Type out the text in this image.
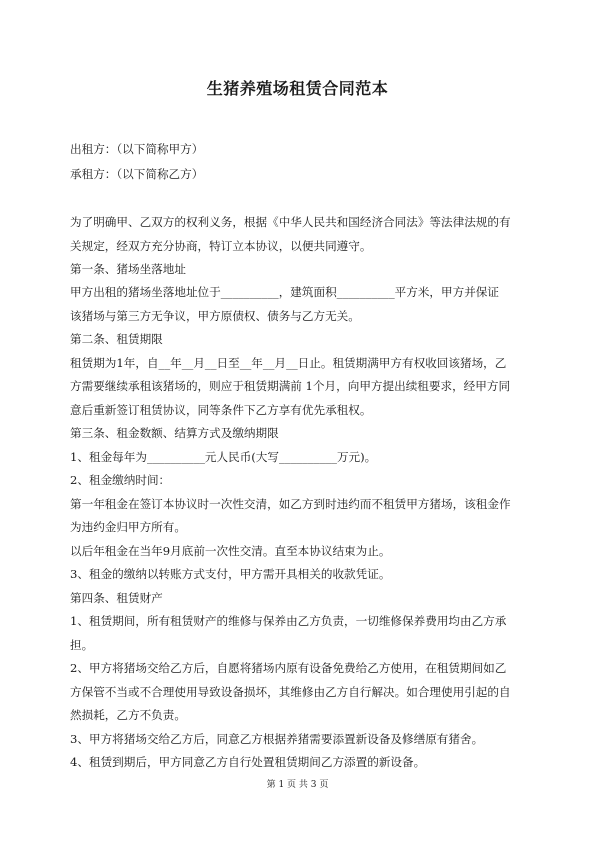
生猪养殖场租赁合同范本
出租方：（以下简称甲方）
承租方：（以下简称乙方）
为了明确甲、乙双方的权利义务，根据《中华人民共和国经济合同法》等法律法规的有
关规定，经双方充分协商，特订立本协议，以便共同遵守。
第一条、猪场坐落地址
甲方出租的猪场坐落地址位于__________，建筑面积__________平方米，甲方并保证
该猪场与第三方无争议，甲方原债权、债务与乙方无关。
第二条、租赁期限
租赁期为1年，自__年__月__日至__年__月__日止。租赁期满甲方有权收回该猪场，乙
方需要继续承租该猪场的，则应于租赁期满前 1个月，向甲方提出续租要求，经甲方同
意后重新签订租赁协议，同等条件下乙方享有优先承租权。
第三条、租金数额、结算方式及缴纳期限
1、租金每年为__________元人民币(大写__________万元)。
2、租金缴纳时间：
第一年租金在签订本协议时一次性交清，如乙方到时违约而不租赁甲方猪场，该租金作
为违约金归甲方所有。
以后年租金在当年9月底前一次性交清。直至本协议结束为止。
3、租金的缴纳以转账方式支付，甲方需开具相关的收款凭证。
第四条、租赁财产
1、租赁期间，所有租赁财产的维修与保养由乙方负责，一切维修保养费用均由乙方承
担。
2、甲方将猪场交给乙方后，自愿将猪场内原有设备免费给乙方使用，在租赁期间如乙
方保管不当或不合理使用导致设备损坏，其维修由乙方自行解决。如合理使用引起的自
然损耗，乙方不负责。
第 1 页 共 3 页
3、甲方将猪场交给乙方后，同意乙方根据养猪需要添置新设备及修缮原有猪舍。
4、租赁到期后，甲方同意乙方自行处置租赁期间乙方添置的新设备。
